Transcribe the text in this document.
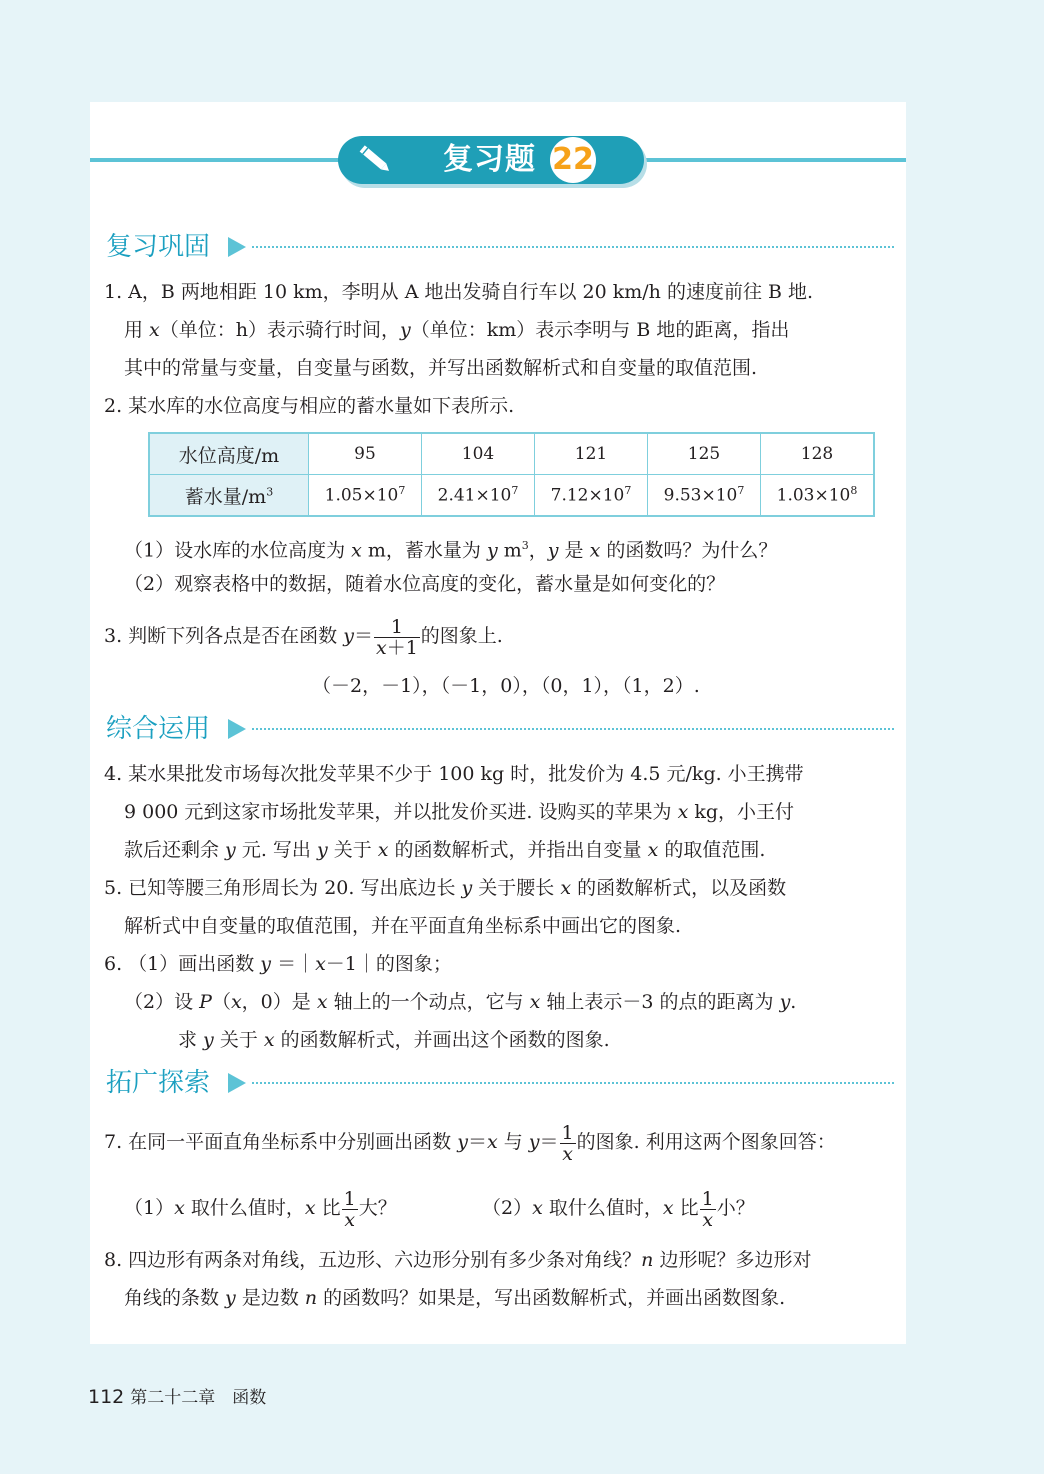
复习题 22
复习巩固
1. A，B 两地相距 10 km，李明从 A 地出发骑自行车以 20 km/h 的速度前往 B 地.
用 x（单位：h）表示骑行时间，y（单位：km）表示李明与 B 地的距离，指出
其中的常量与变量，自变量与函数，并写出函数解析式和自变量的取值范围.
2. 某水库的水位高度与相应的蓄水量如下表所示.
水位高度/m	95	104	121	125	128
蓄水量$/m^3$	$1.05\times 10^7$	$2.41\times 10^7$	$7.12\times 10^7$	$9.53\times 10^7$	$1.03\times 10^8$
（1）设水库的水位高度为 x m，蓄水量为 y $m^3$，y 是 x 的函数吗？为什么？
（2）观察表格中的数据，随着水位高度的变化，蓄水量是如何变化的？
3. 判断下列各点是否在函数 $y= \frac{1}{x+1}$ 的图象上.
（－2，－1），（－1，0），（0，1），（1，2）.
综合运用
4. 某水果批发市场每次批发苹果不少于 100 kg 时，批发价为 4.5 元/kg. 小王携带
9 000 元到这家市场批发苹果，并以批发价买进. 设购买的苹果为 x kg，小王付
款后还剩余 y 元. 写出 y 关于 x 的函数解析式，并指出自变量 x 的取值范围.
5. 已知等腰三角形周长为 20. 写出底边长 y 关于腰长 x 的函数解析式，以及函数
解析式中自变量的取值范围，并在平面直角坐标系中画出它的图象.
6. （1）画出函数 y ＝｜x－1｜的图象；
（2）设 P（x，0）是 x 轴上的一个动点，它与 x 轴上表示－3 的点的距离为 y.
求 y 关于 x 的函数解析式，并画出这个函数的图象.
拓广探索
7. 在同一平面直角坐标系中分别画出函数 y＝x 与 $y= \frac{1}{x}$ 的图象. 利用这两个图象回答：
（1）x 取什么值时，x 比 $\frac{1}{x}$ 大？	（2）x 取什么值时，x 比 $\frac{1}{x}$ 小？
8. 四边形有两条对角线，五边形、六边形分别有多少条对角线？n 边形呢？多边形对
角线的条数 y 是边数 n 的函数吗？如果是，写出函数解析式，并画出函数图象.
112 第二十二章　函数
